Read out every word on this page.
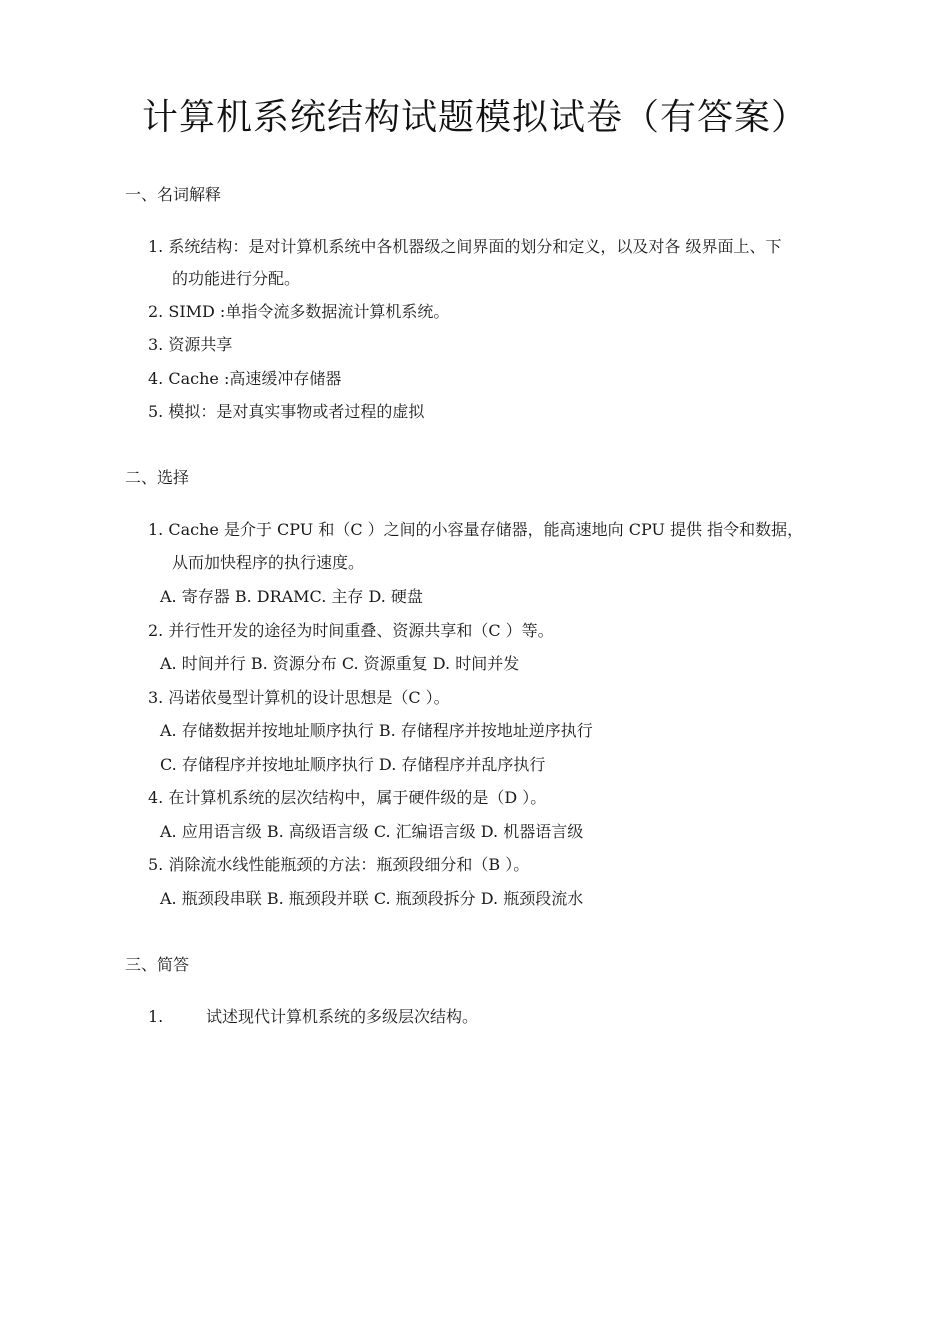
计算机系统结构试题模拟试卷（有答案）
一、名词解释
1. 系统结构：是对计算机系统中各机器级之间界面的划分和定义，以及对各 级界面上、下
的功能进行分配。
2. SIMD :单指令流多数据流计算机系统。
3. 资源共享
4. Cache :高速缓冲存储器
5. 模拟：是对真实事物或者过程的虚拟
二、选择
1. Cache 是介于 CPU 和（C ）之间的小容量存储器，能高速地向 CPU 提供 指令和数据，
从而加快程序的执行速度。
A. 寄存器 B. DRAMC. 主存 D. 硬盘
2. 并行性开发的途径为时间重叠、资源共享和（C ）等。
A. 时间并行 B. 资源分布 C. 资源重复 D. 时间并发
3. 冯诺依曼型计算机的设计思想是（C ）。
A. 存储数据并按地址顺序执行 B. 存储程序并按地址逆序执行
C. 存储程序并按地址顺序执行 D. 存储程序并乱序执行
4. 在计算机系统的层次结构中，属于硬件级的是（D ）。
A. 应用语言级 B. 高级语言级 C. 汇编语言级 D. 机器语言级
5. 消除流水线性能瓶颈的方法：瓶颈段细分和（B ）。
A. 瓶颈段串联 B. 瓶颈段并联 C. 瓶颈段拆分 D. 瓶颈段流水
三、简答
1.	试述现代计算机系统的多级层次结构。
